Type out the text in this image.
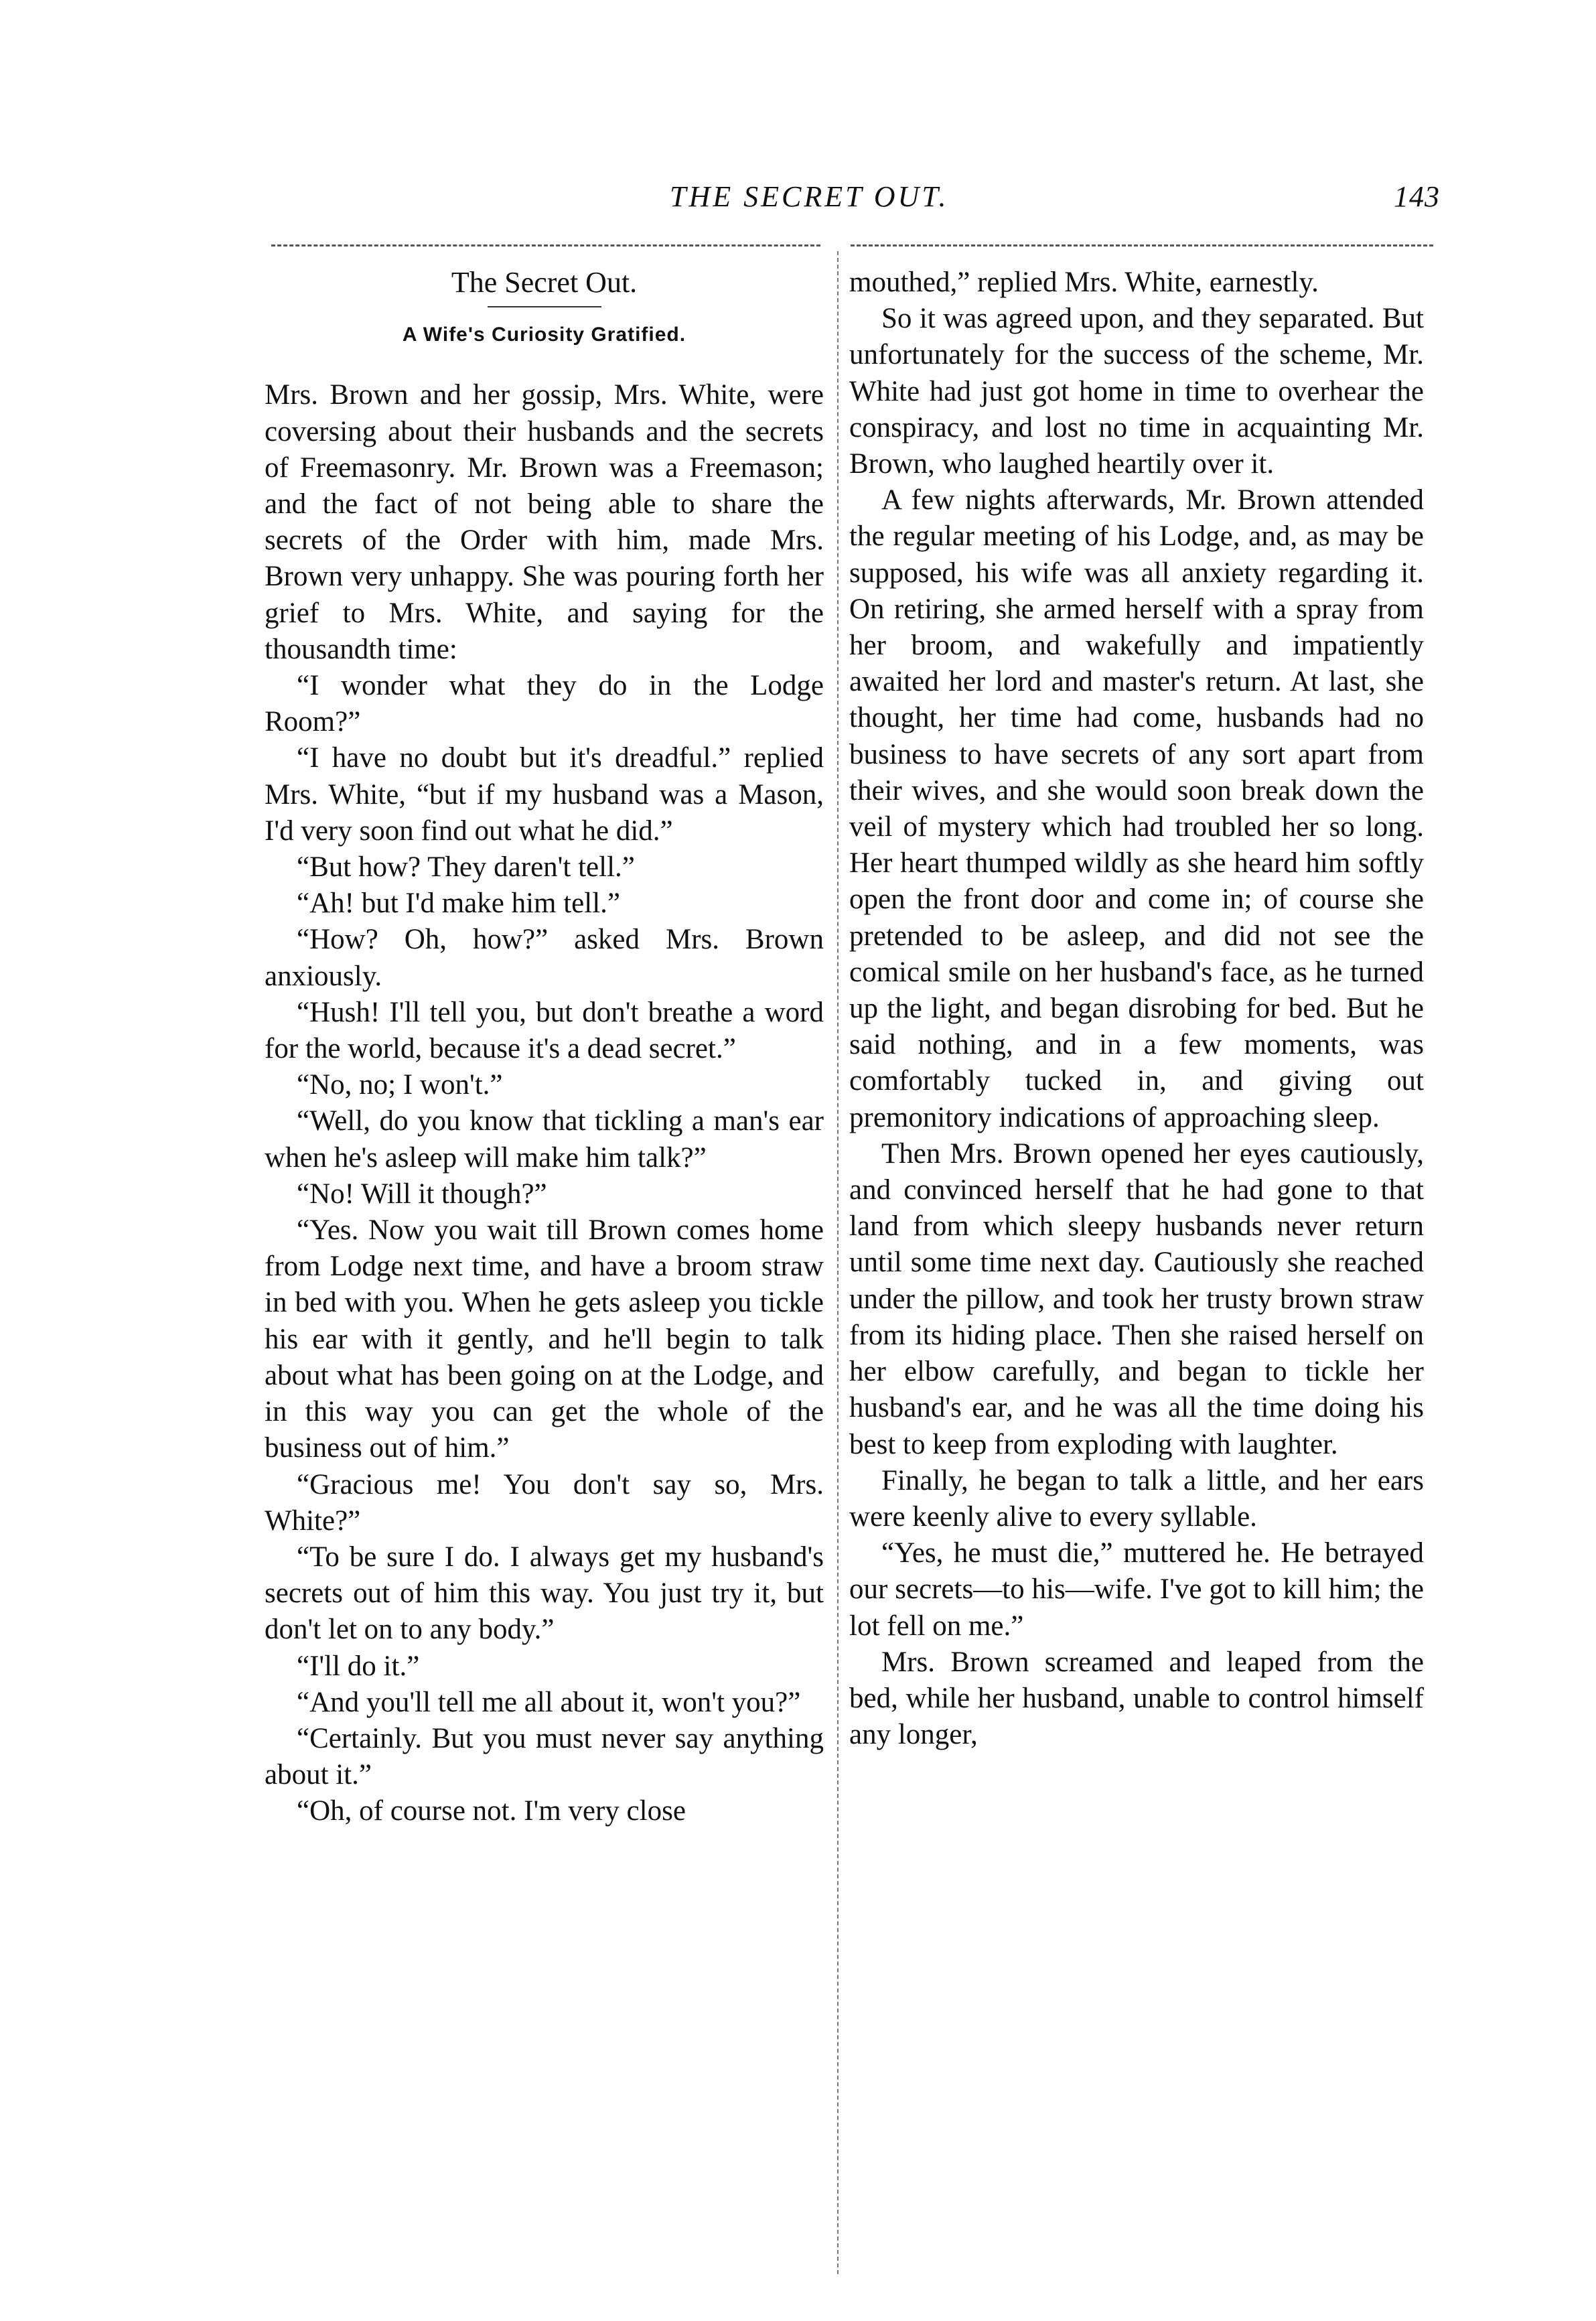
THE SECRET OUT.	143
The Secret Out.
A Wife's Curiosity Gratified.

Mrs. Brown and her gossip, Mrs. White, were coversing about their husbands and the secrets of Freemasonry. Mr. Brown was a Freemason; and the fact of not being able to share the secrets of the Order with him, made Mrs. Brown very unhappy. She was pouring forth her grief to Mrs. White, and saying for the thousandth time:

“I wonder what they do in the Lodge Room?”

“I have no doubt but it's dreadful.” replied Mrs. White, “but if my husband was a Mason, I'd very soon find out what he did.”

“But how? They daren't tell.”

“Ah! but I'd make him tell.”

“How? Oh, how?” asked Mrs. Brown anxiously.

“Hush! I'll tell you, but don't breathe a word for the world, because it's a dead secret.”

“No, no; I won't.”

“Well, do you know that tickling a man's ear when he's asleep will make him talk?”

“No! Will it though?”

“Yes. Now you wait till Brown comes home from Lodge next time, and have a broom straw in bed with you. When he gets asleep you tickle his ear with it gently, and he'll begin to talk about what has been going on at the Lodge, and in this way you can get the whole of the business out of him.”

“Gracious me! You don't say so, Mrs. White?”

“To be sure I do. I always get my husband's secrets out of him this way. You just try it, but don't let on to any body.”

“I'll do it.”

“And you'll tell me all about it, won't you?”

“Certainly. But you must never say anything about it.”

“Oh, of course not. I'm very close

mouthed,” replied Mrs. White, earnestly.

So it was agreed upon, and they separated. But unfortunately for the success of the scheme, Mr. White had just got home in time to overhear the conspiracy, and lost no time in acquainting Mr. Brown, who laughed heartily over it.

A few nights afterwards, Mr. Brown attended the regular meeting of his Lodge, and, as may be supposed, his wife was all anxiety regarding it. On retiring, she armed herself with a spray from her broom, and wakefully and impatiently awaited her lord and master's return. At last, she thought, her time had come, husbands had no business to have secrets of any sort apart from their wives, and she would soon break down the veil of mystery which had troubled her so long. Her heart thumped wildly as she heard him softly open the front door and come in; of course she pretended to be asleep, and did not see the comical smile on her husband's face, as he turned up the light, and began disrobing for bed. But he said nothing, and in a few moments, was comfortably tucked in, and giving out premonitory indications of approaching sleep.

Then Mrs. Brown opened her eyes cautiously, and convinced herself that he had gone to that land from which sleepy husbands never return until some time next day. Cautiously she reached under the pillow, and took her trusty brown straw from its hiding place. Then she raised herself on her elbow carefully, and began to tickle her husband's ear, and he was all the time doing his best to keep from exploding with laughter.

Finally, he began to talk a little, and her ears were keenly alive to every syllable.

“Yes, he must die,” muttered he. He betrayed our secrets—to his—wife. I've got to kill him; the lot fell on me.”

Mrs. Brown screamed and leaped from the bed, while her husband, unable to control himself any longer,
